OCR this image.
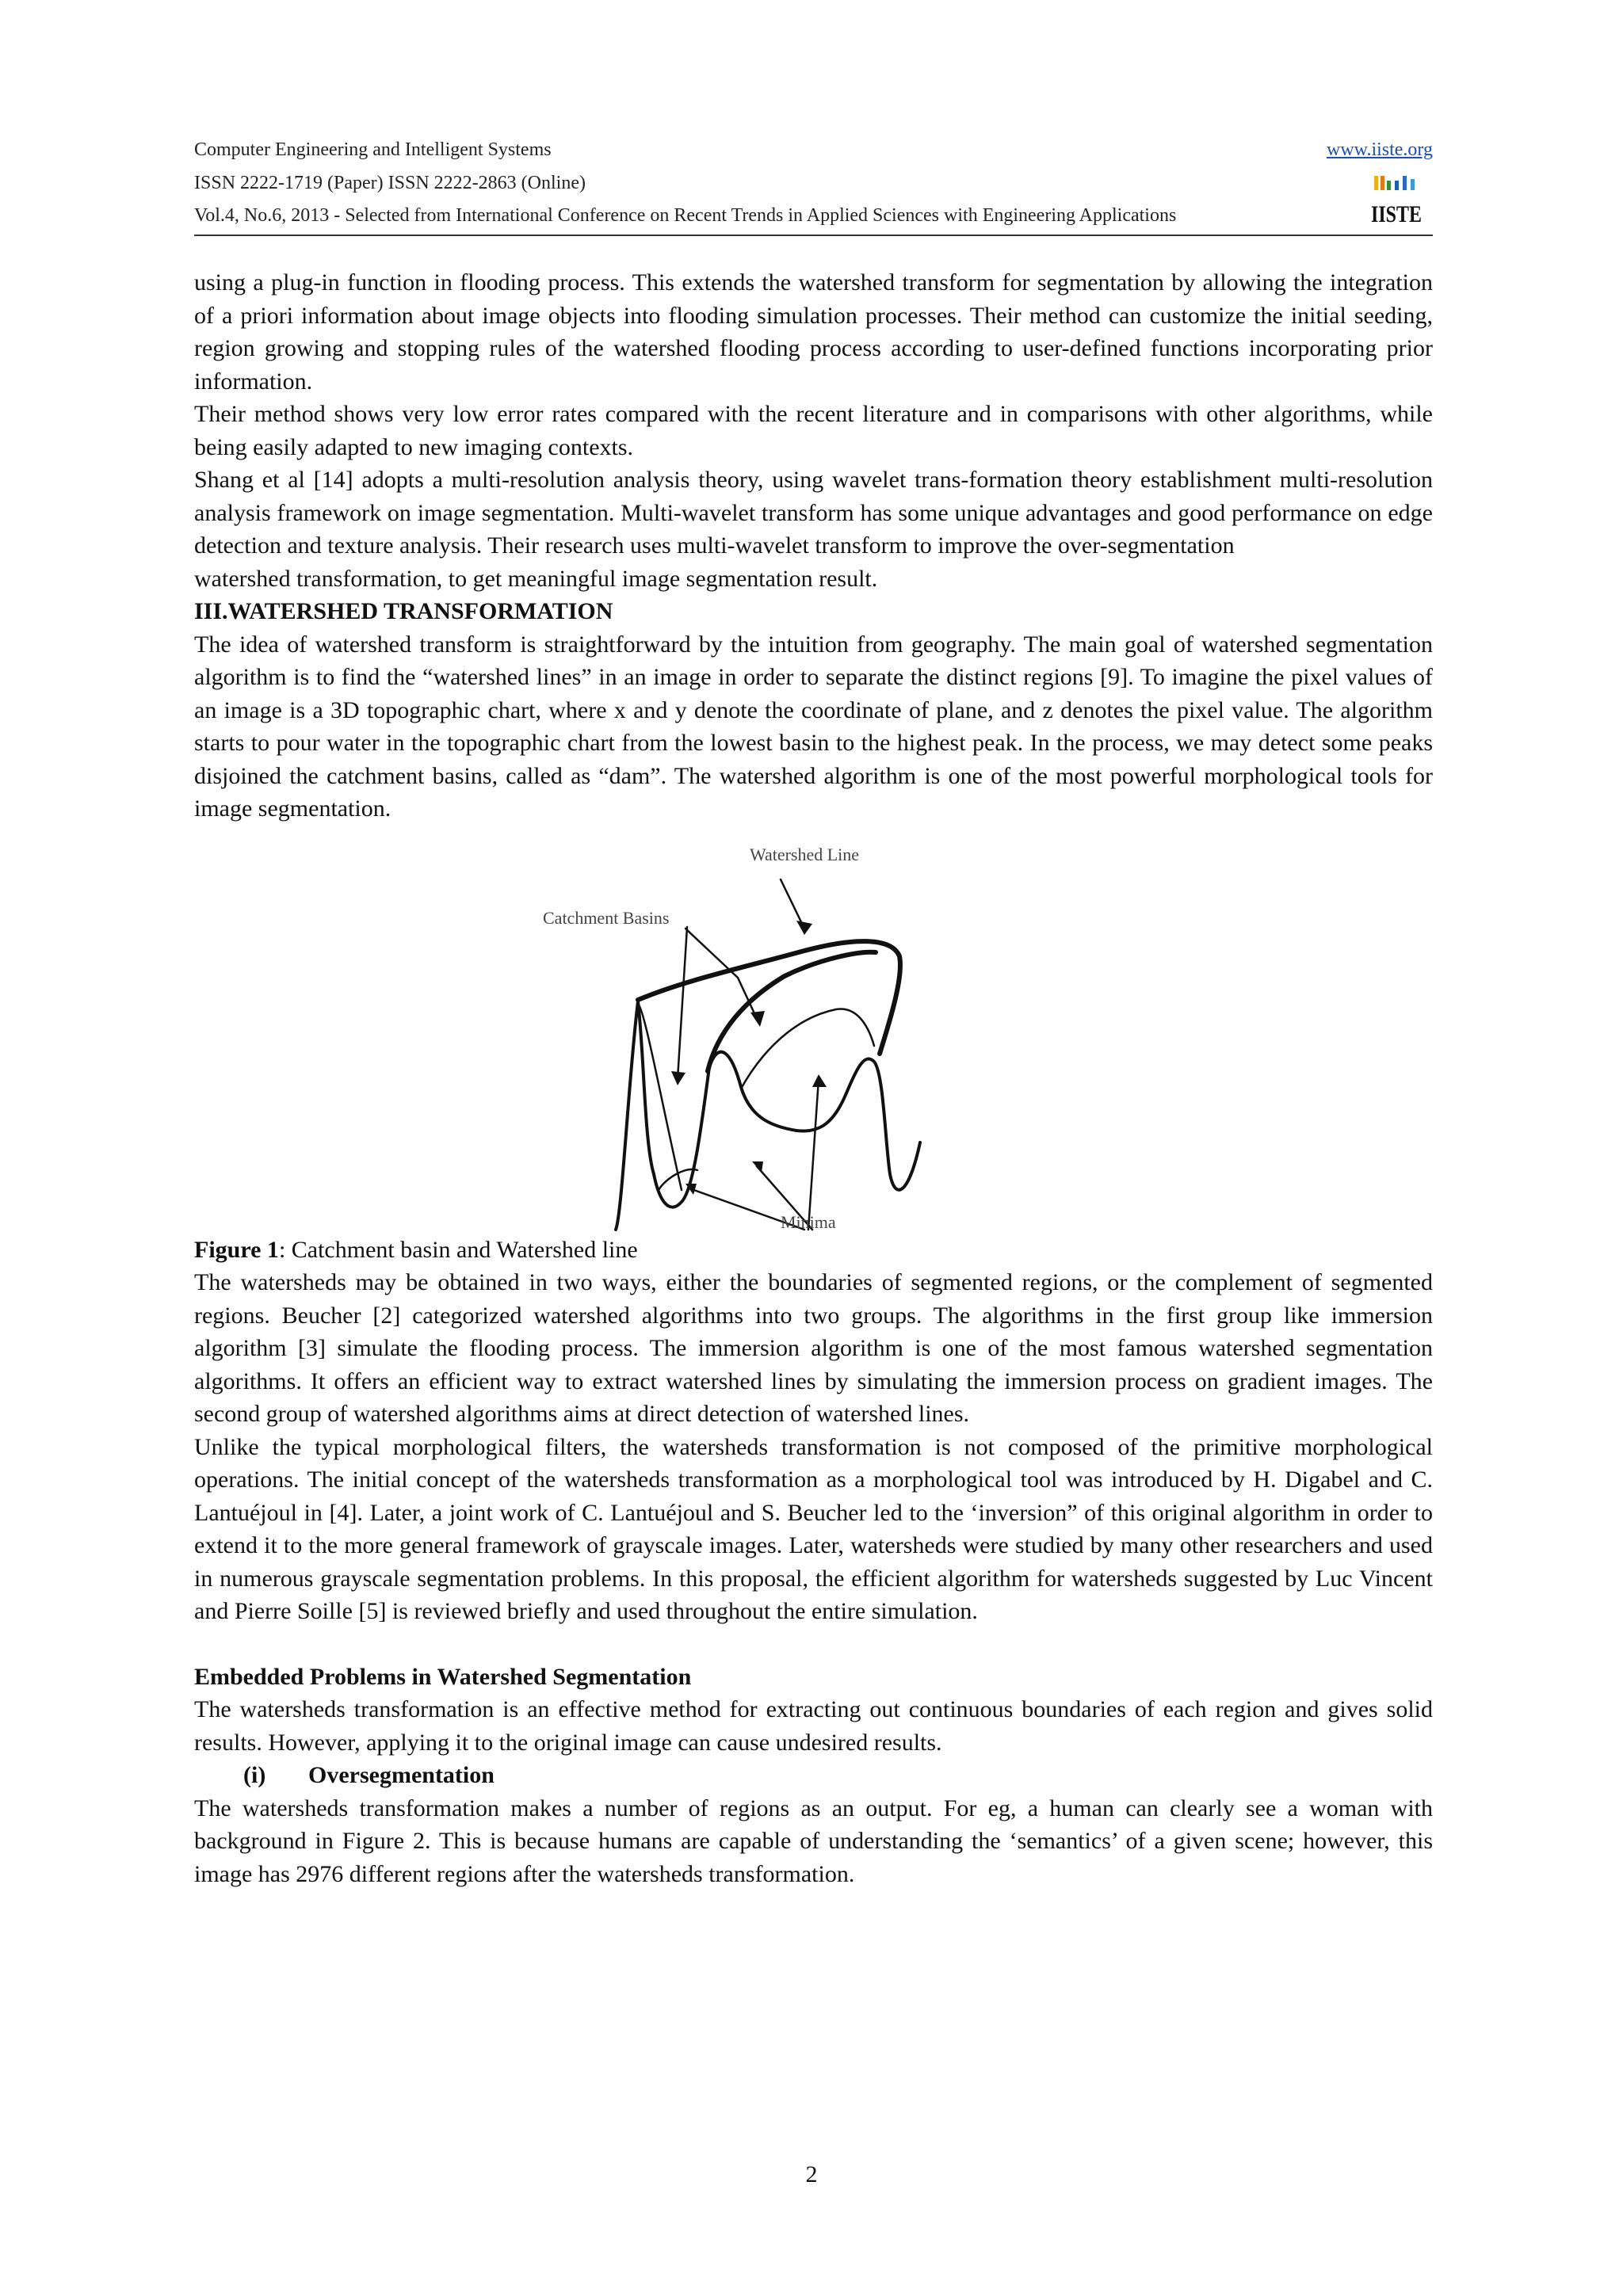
Computer Engineering and Intelligent Systems	www.iiste.org
ISSN 2222-1719 (Paper) ISSN 2222-2863 (Online)
Vol.4, No.6, 2013 - Selected from International Conference on Recent Trends in Applied Sciences with Engineering Applications	IISTE

using a plug-in function in flooding process. This extends the watershed transform for segmentation by allowing the integration of a priori information about image objects into flooding simulation processes. Their method can customize the initial seeding, region growing and stopping rules of the watershed flooding process according to user-defined functions incorporating prior information.

Their method shows very low error rates compared with the recent literature and in comparisons with other algorithms, while being easily adapted to new imaging contexts.

Shang et al [14] adopts a multi-resolution analysis theory, using wavelet trans-formation theory establishment multi-resolution analysis framework on image segmentation. Multi-wavelet transform has some unique advantages and good performance on edge detection and texture analysis. Their research uses multi-wavelet transform to improve the over-segmentation

watershed transformation, to get meaningful image segmentation result.

III.WATERSHED TRANSFORMATION

The idea of watershed transform is straightforward by the intuition from geography. The main goal of watershed segmentation algorithm is to find the “watershed lines” in an image in order to separate the distinct regions [9]. To imagine the pixel values of an image is a 3D topographic chart, where x and y denote the coordinate of plane, and z denotes the pixel value. The algorithm starts to pour water in the topographic chart from the lowest basin to the highest peak. In the process, we may detect some peaks disjoined the catchment basins, called as “dam”. The watershed algorithm is one of the most powerful morphological tools for image segmentation.

Watershed Line
Catchment Basins
Minima

Figure 1: Catchment basin and Watershed line

The watersheds may be obtained in two ways, either the boundaries of segmented regions, or the complement of segmented regions. Beucher [2] categorized watershed algorithms into two groups. The algorithms in the first group like immersion algorithm [3] simulate the flooding process. The immersion algorithm is one of the most famous watershed segmentation algorithms. It offers an efficient way to extract watershed lines by simulating the immersion process on gradient images. The second group of watershed algorithms aims at direct detection of watershed lines.

Unlike the typical morphological filters, the watersheds transformation is not composed of the primitive morphological operations. The initial concept of the watersheds transformation as a morphological tool was introduced by H. Digabel and C. Lantuéjoul in [4]. Later, a joint work of C. Lantuéjoul and S. Beucher led to the ‘inversion” of this original algorithm in order to extend it to the more general framework of grayscale images. Later, watersheds were studied by many other researchers and used in numerous grayscale segmentation problems. In this proposal, the efficient algorithm for watersheds suggested by Luc Vincent and Pierre Soille [5] is reviewed briefly and used throughout the entire simulation.

Embedded Problems in Watershed Segmentation

The watersheds transformation is an effective method for extracting out continuous boundaries of each region and gives solid results. However, applying it to the original image can cause undesired results.

(i) Oversegmentation

The watersheds transformation makes a number of regions as an output. For eg, a human can clearly see a woman with background in Figure 2. This is because humans are capable of understanding the ‘semantics’ of a given scene; however, this image has 2976 different regions after the watersheds transformation.

2
